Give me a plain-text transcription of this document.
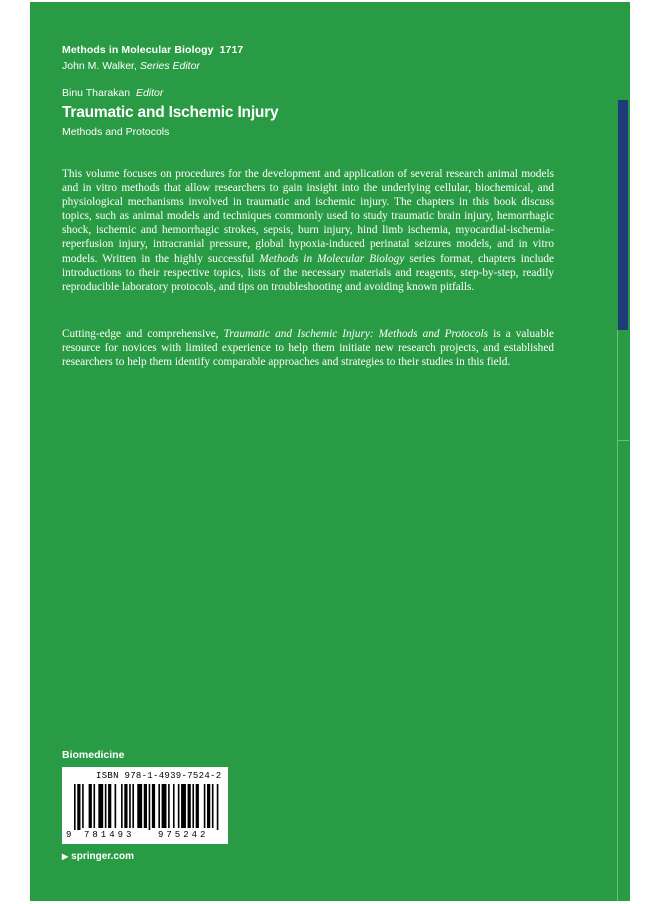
Methods in Molecular Biology 1717
John M. Walker, Series Editor
Binu Tharakan Editor
Traumatic and Ischemic Injury
Methods and Protocols
This volume focuses on procedures for the development and application of several research animal models and in vitro methods that allow researchers to gain insight into the underlying cellular, biochemical, and physiological mechanisms involved in traumatic and ischemic injury. The chapters in this book discuss topics, such as animal models and techniques commonly used to study traumatic brain injury, hemorrhagic shock, ischemic and hemorrhagic strokes, sepsis, burn injury, hind limb ischemia, myocardial-ischemia-reperfusion injury, intracranial pressure, global hypoxia-induced perinatal seizures models, and in vitro models. Written in the highly successful Methods in Molecular Biology series format, chapters include introductions to their respective topics, lists of the necessary materials and reagents, step-by-step, readily reproducible laboratory protocols, and tips on troubleshooting and avoiding known pitfalls.
Cutting-edge and comprehensive, Traumatic and Ischemic Injury: Methods and Protocols is a valuable resource for novices with limited experience to help them initiate new research projects, and established researchers to help them identify comparable approaches and strategies to their studies in this field.
Biomedicine
ISBN 978-1-4939-7524-2
9 781493	975242
▶ springer.com
